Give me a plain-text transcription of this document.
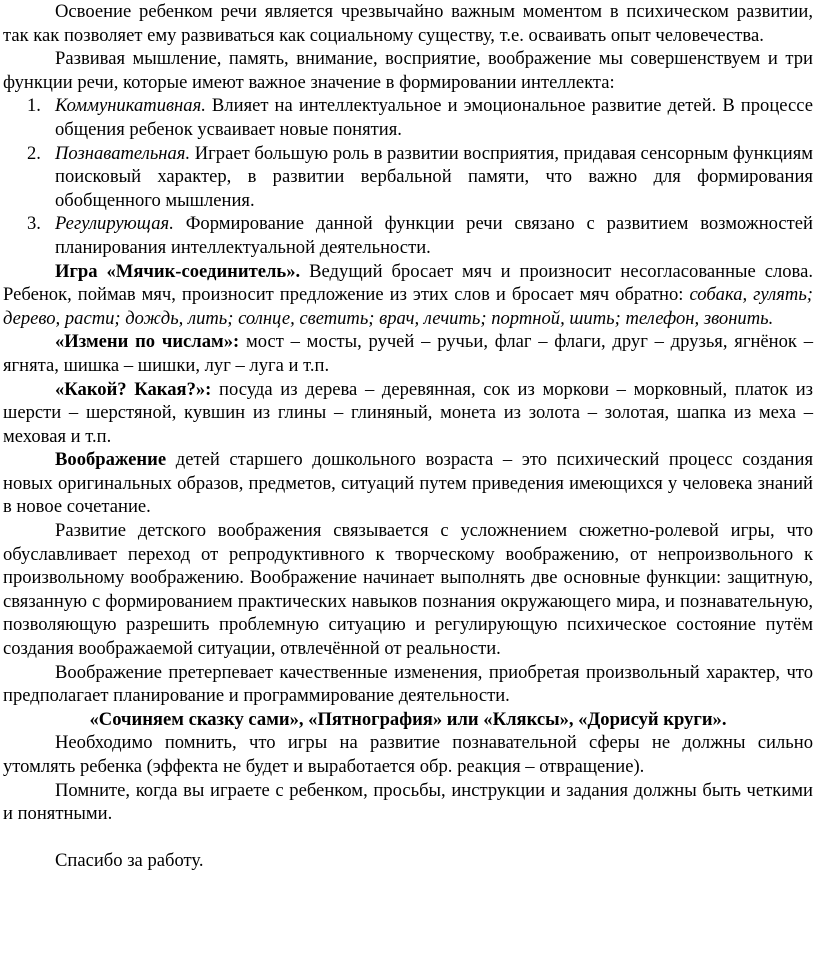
Освоение ребенком речи является чрезвычайно важным моментом в психическом развитии, так как позволяет ему развиваться как социальному существу, т.е. осваивать опыт человечества.

Развивая мышление, память, внимание, восприятие, воображение мы совершенствуем и три функции речи, которые имеют важное значение в формировании интеллекта:

1. Коммуникативная. Влияет на интеллектуальное и эмоциональное развитие детей. В процессе общения ребенок усваивает новые понятия.
2. Познавательная. Играет большую роль в развитии восприятия, придавая сенсорным функциям поисковый характер, в развитии вербальной памяти, что важно для формирования обобщенного мышления.
3. Регулирующая. Формирование данной функции речи связано с развитием возможностей планирования интеллектуальной деятельности.

Игра «Мячик-соединитель». Ведущий бросает мяч и произносит несогласованные слова. Ребенок, поймав мяч, произносит предложение из этих слов и бросает мяч обратно: собака, гулять; дерево, расти; дождь, лить; солнце, светить; врач, лечить; портной, шить; телефон, звонить.

«Измени по числам»: мост – мосты, ручей – ручьи, флаг – флаги, друг – друзья, ягнёнок – ягнята, шишка – шишки, луг – луга и т.п.

«Какой? Какая?»: посуда из дерева – деревянная, сок из моркови – морковный, платок из шерсти – шерстяной, кувшин из глины – глиняный, монета из золота – золотая, шапка из меха – меховая и т.п.

Воображение детей старшего дошкольного возраста – это психический процесс создания новых оригинальных образов, предметов, ситуаций путем приведения имеющихся у человека знаний в новое сочетание.

Развитие детского воображения связывается с усложнением сюжетно-ролевой игры, что обуславливает переход от репродуктивного к творческому воображению, от непроизвольного к произвольному воображению. Воображение начинает выполнять две основные функции: защитную, связанную с формированием практических навыков познания окружающего мира, и познавательную, позволяющую разрешить проблемную ситуацию и регулирующую психическое состояние путём создания воображаемой ситуации, отвлечённой от реальности.

Воображение претерпевает качественные изменения, приобретая произвольный характер, что предполагает планирование и программирование деятельности.

«Сочиняем сказку сами», «Пятнография» или «Кляксы», «Дорисуй круги».

Необходимо помнить, что игры на развитие познавательной сферы не должны сильно утомлять ребенка (эффекта не будет и выработается обр. реакция – отвращение).

Помните, когда вы играете с ребенком, просьбы, инструкции и задания должны быть четкими и понятными.

Спасибо за работу.
